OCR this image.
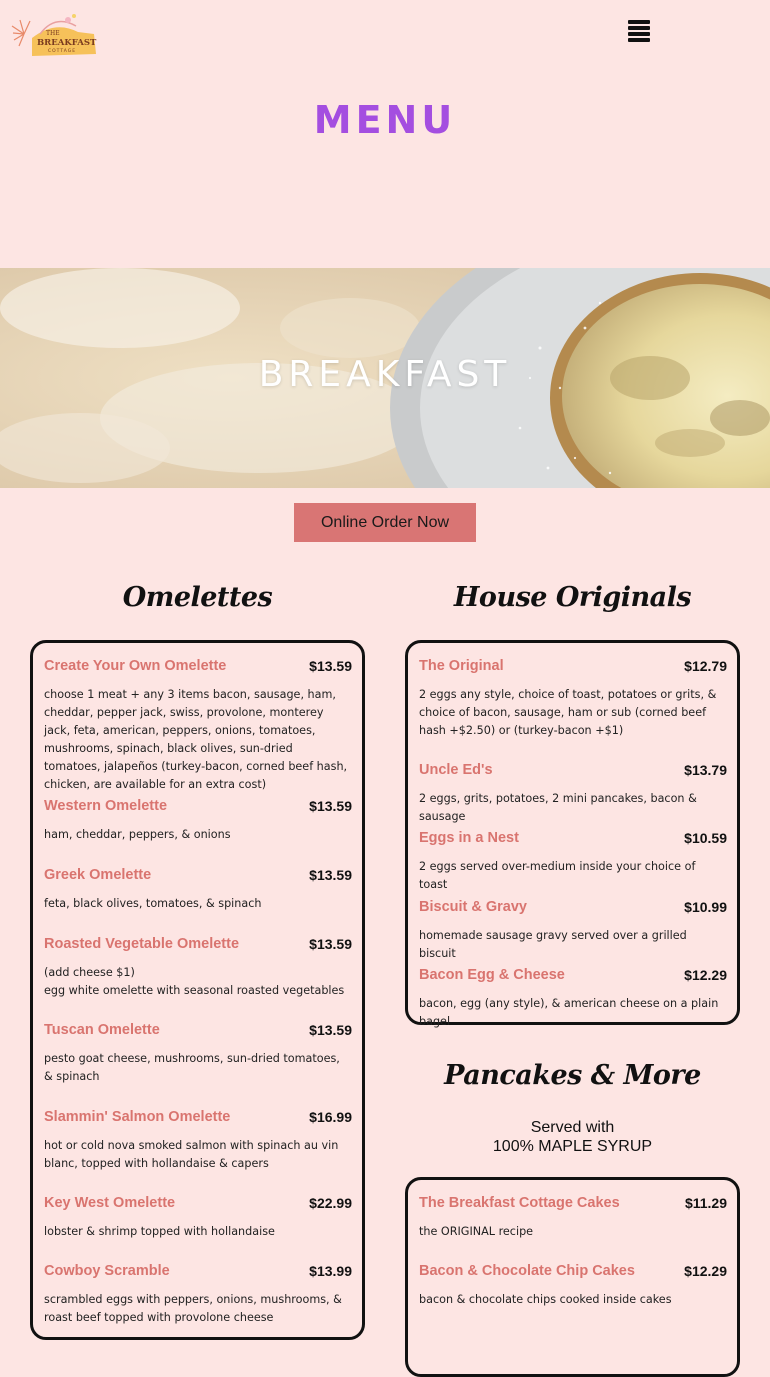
THE
BREAKFAST
COTTAGE
MENU
BREAKFAST
Online Order Now
Omelettes
Create Your Own Omelette	$13.59
choose 1 meat + any 3 items bacon, sausage, ham, cheddar, pepper jack, swiss, provolone, monterey jack, feta, american, peppers, onions, tomatoes, mushrooms, spinach, black olives, sun-dried tomatoes, jalapeños (turkey-bacon, corned beef hash, chicken, are available for an extra cost)
Western Omelette	$13.59
ham, cheddar, peppers, & onions
Greek Omelette	$13.59
feta, black olives, tomatoes, & spinach
Roasted Vegetable Omelette	$13.59
(add cheese $1)
egg white omelette with seasonal roasted vegetables
Tuscan Omelette	$13.59
pesto goat cheese, mushrooms, sun-dried tomatoes, & spinach
Slammin' Salmon Omelette	$16.99
hot or cold nova smoked salmon with spinach au vin blanc, topped with hollandaise & capers
Key West Omelette	$22.99
lobster & shrimp topped with hollandaise
Cowboy Scramble	$13.99
scrambled eggs with peppers, onions, mushrooms, & roast beef topped with provolone cheese
House Originals
The Original	$12.79
2 eggs any style, choice of toast, potatoes or grits, & choice of bacon, sausage, ham or sub (corned beef hash +$2.50) or (turkey-bacon +$1)
Uncle Ed's	$13.79
2 eggs, grits, potatoes, 2 mini pancakes, bacon & sausage
Eggs in a Nest	$10.59
2 eggs served over-medium inside your choice of toast
Biscuit & Gravy	$10.99
homemade sausage gravy served over a grilled biscuit
Bacon Egg & Cheese	$12.29
bacon, egg (any style), & american cheese on a plain bagel
Pancakes & More
Served with
100% MAPLE SYRUP
The Breakfast Cottage Cakes	$11.29
the ORIGINAL recipe
Bacon & Chocolate Chip Cakes	$12.29
bacon & chocolate chips cooked inside cakes
